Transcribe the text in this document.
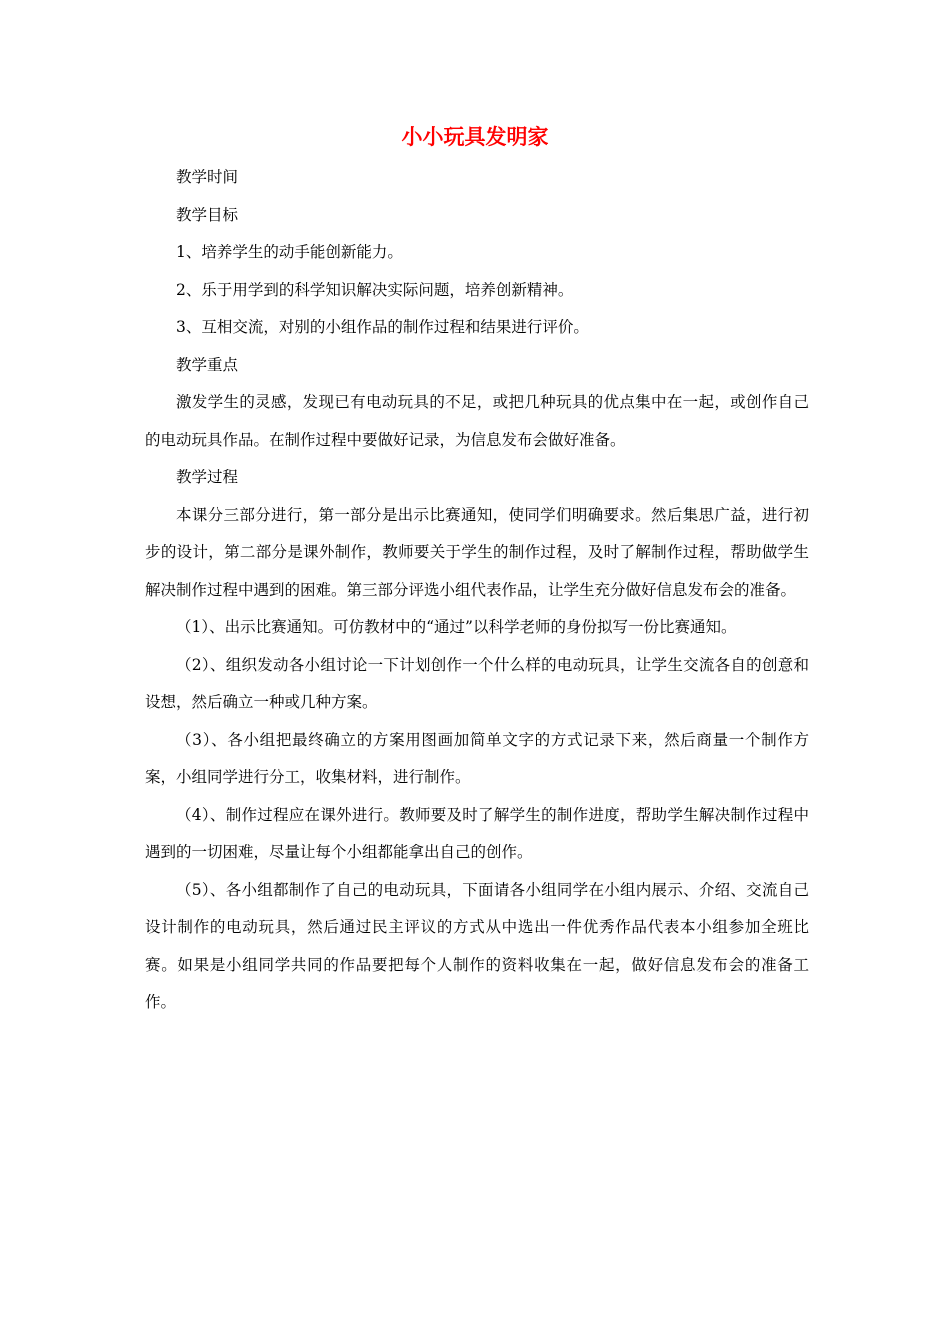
小小玩具发明家

教学时间

教学目标

1、培养学生的动手能创新能力。

2、乐于用学到的科学知识解决实际问题，培养创新精神。

3、互相交流，对别的小组作品的制作过程和结果进行评价。

教学重点

激发学生的灵感，发现已有电动玩具的不足，或把几种玩具的优点集中在一起，或创作自己的电动玩具作品。在制作过程中要做好记录，为信息发布会做好准备。

教学过程

本课分三部分进行，第一部分是出示比赛通知，使同学们明确要求。然后集思广益，进行初步的设计，第二部分是课外制作，教师要关于学生的制作过程，及时了解制作过程，帮助做学生解决制作过程中遇到的困难。第三部分评选小组代表作品，让学生充分做好信息发布会的准备。

（1）、出示比赛通知。可仿教材中的“通过”以科学老师的身份拟写一份比赛通知。

（2）、组织发动各小组讨论一下计划创作一个什么样的电动玩具，让学生交流各自的创意和设想，然后确立一种或几种方案。

（3）、各小组把最终确立的方案用图画加简单文字的方式记录下来，然后商量一个制作方案，小组同学进行分工，收集材料，进行制作。

（4）、制作过程应在课外进行。教师要及时了解学生的制作进度，帮助学生解决制作过程中遇到的一切困难，尽量让每个小组都能拿出自己的创作。

（5）、各小组都制作了自己的电动玩具，下面请各小组同学在小组内展示、介绍、交流自己设计制作的电动玩具，然后通过民主评议的方式从中选出一件优秀作品代表本小组参加全班比赛。如果是小组同学共同的作品要把每个人制作的资料收集在一起，做好信息发布会的准备工作。
